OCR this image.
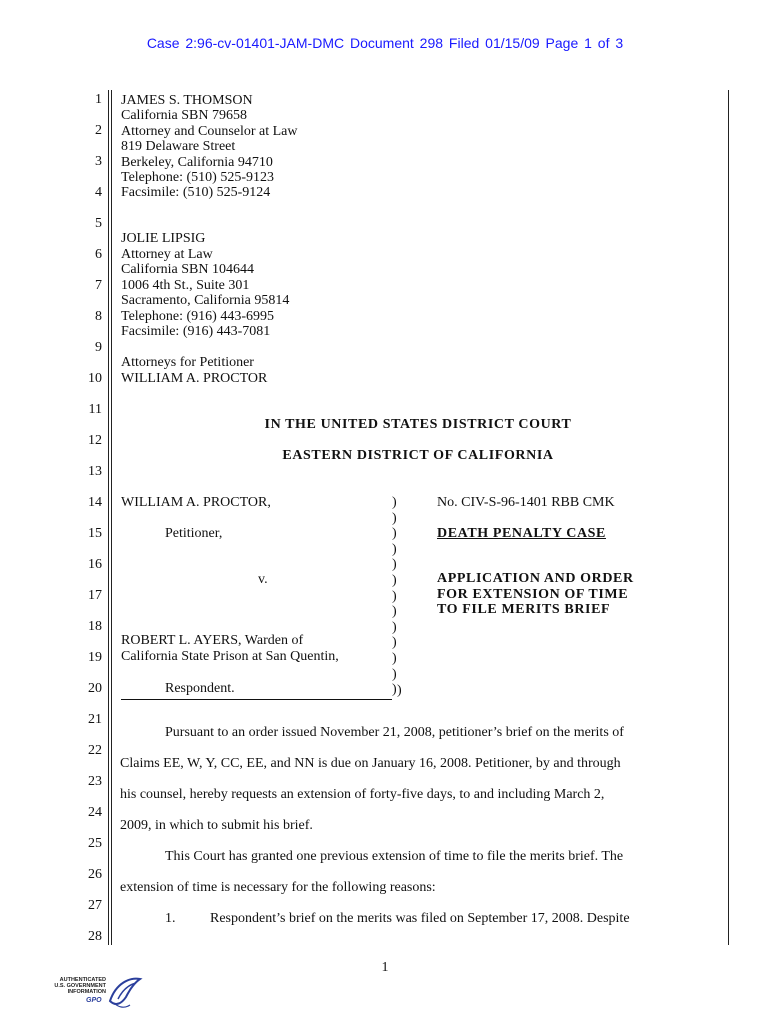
Case 2:96-cv-01401-JAM-DMC Document 298 Filed 01/15/09 Page 1 of 3
1
2
3
4
5
6
7
8
9
10
11
12
13
14
15
16
17
18
19
20
21
22
23
24
25
26
27
28
JAMES S. THOMSON
California SBN 79658
Attorney and Counselor at Law
819 Delaware Street
Berkeley, California 94710
Telephone: (510) 525-9123
Facsimile: (510) 525-9124
JOLIE LIPSIG
Attorney at Law
California SBN 104644
1006 4th St., Suite 301
Sacramento, California 95814
Telephone: (916) 443-6995
Facsimile: (916) 443-7081
Attorneys for Petitioner
WILLIAM A. PROCTOR
IN THE UNITED STATES DISTRICT COURT
EASTERN DISTRICT OF CALIFORNIA
WILLIAM A. PROCTOR,
Petitioner,
v.
ROBERT L. AYERS, Warden of
California State Prison at San Quentin,
Respondent.
)
)
)
)
)
)
)
)
)
)
)
)
) )
No. CIV-S-96-1401 RBB CMK
DEATH PENALTY CASE
APPLICATION AND ORDER
FOR EXTENSION OF TIME
TO FILE MERITS BRIEF
Pursuant to an order issued November 21, 2008, petitioner’s brief on the merits of
Claims EE, W, Y, CC, EE, and NN is due on January 16, 2008. Petitioner, by and through
his counsel, hereby requests an extension of forty-five days, to and including March 2,
2009, in which to submit his brief.
This Court has granted one previous extension of time to file the merits brief. The
extension of time is necessary for the following reasons:
1. Respondent’s brief on the merits was filed on September 17, 2008. Despite
1
AUTHENTICATED
U.S. GOVERNMENT
INFORMATION
GPO
